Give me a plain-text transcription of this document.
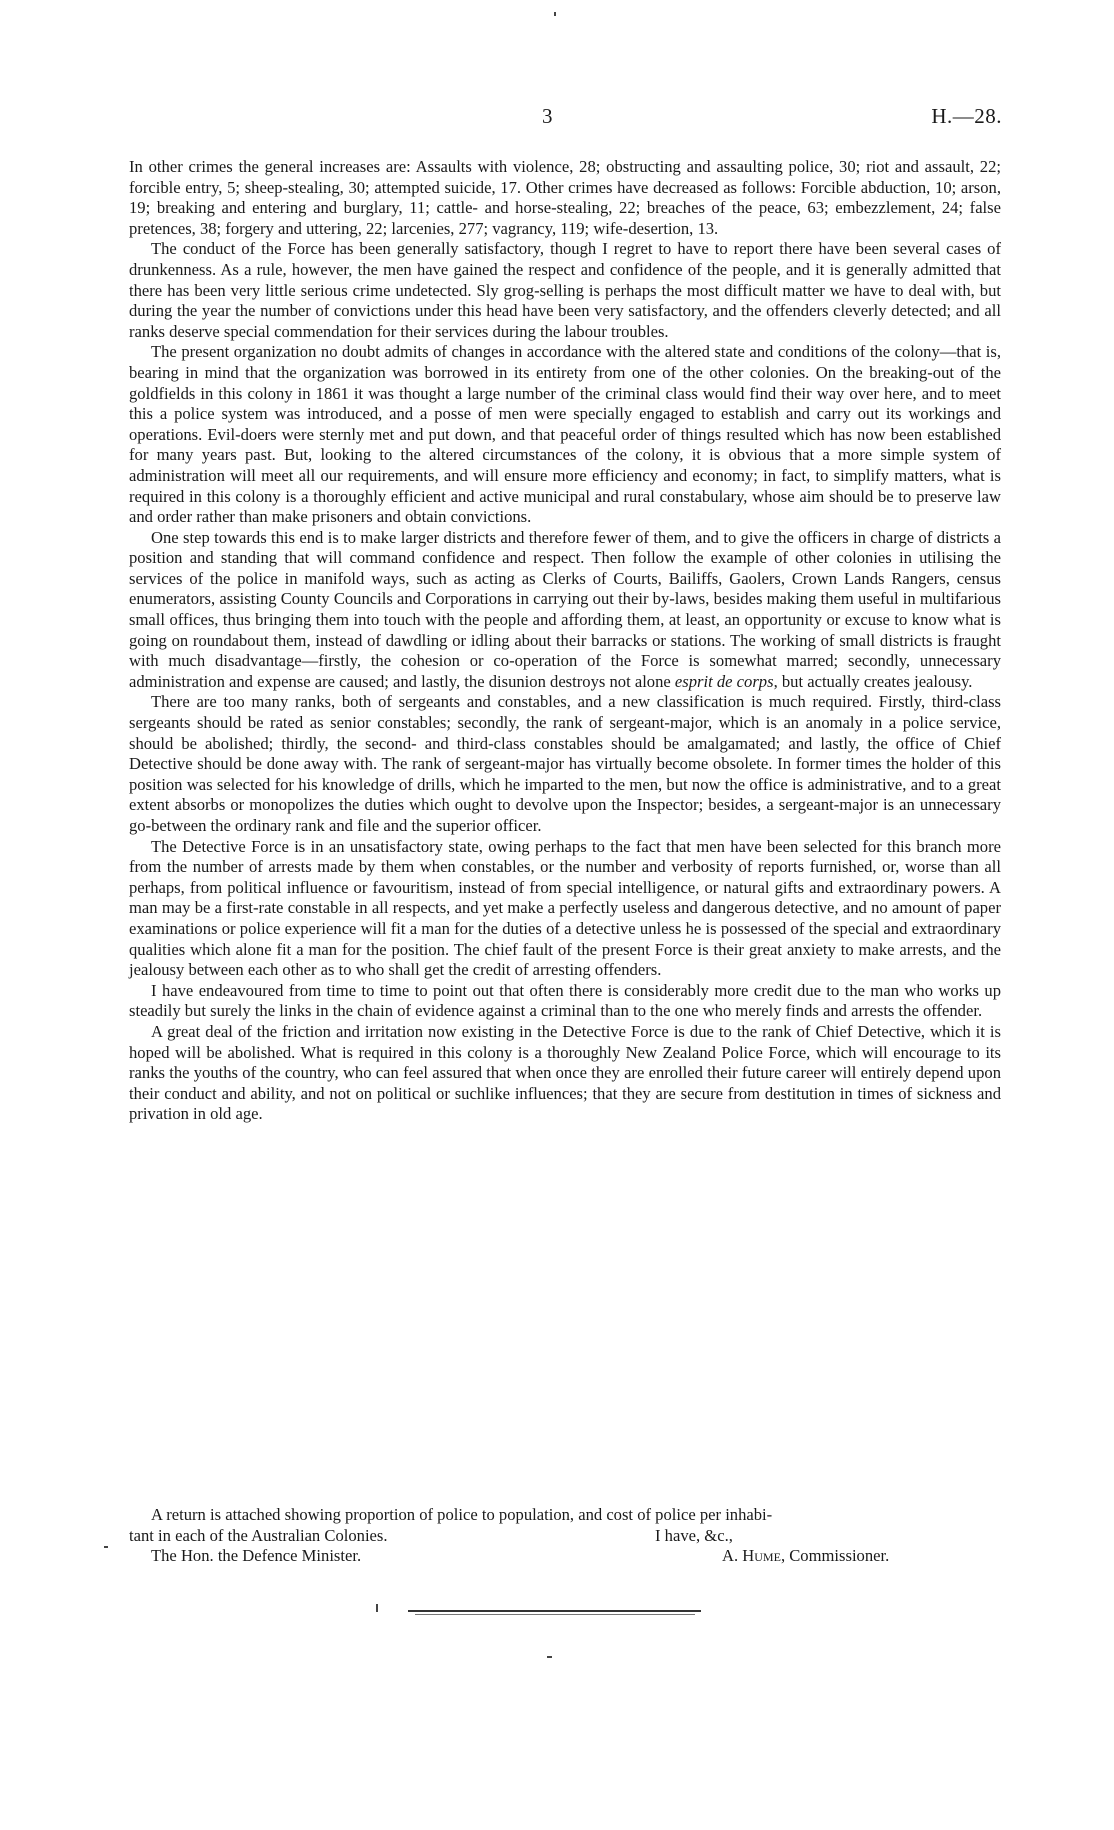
3	H.—28.

In other crimes the general increases are: Assaults with violence, 28; obstructing and assaulting police, 30; riot and assault, 22; forcible entry, 5; sheep-stealing, 30; attempted suicide, 17. Other crimes have decreased as follows: Forcible abduction, 10; arson, 19; breaking and entering and burglary, 11; cattle- and horse-stealing, 22; breaches of the peace, 63; embezzlement, 24; false pretences, 38; forgery and uttering, 22; larcenies, 277; vagrancy, 119; wife-desertion, 13.

The conduct of the Force has been generally satisfactory, though I regret to have to report there have been several cases of drunkenness. As a rule, however, the men have gained the respect and confidence of the people, and it is generally admitted that there has been very little serious crime undetected. Sly grog-selling is perhaps the most difficult matter we have to deal with, but during the year the number of convictions under this head have been very satisfactory, and the offenders cleverly detected; and all ranks deserve special commendation for their services during the labour troubles.

The present organization no doubt admits of changes in accordance with the altered state and conditions of the colony—that is, bearing in mind that the organization was borrowed in its entirety from one of the other colonies. On the breaking-out of the goldfields in this colony in 1861 it was thought a large number of the criminal class would find their way over here, and to meet this a police system was introduced, and a posse of men were specially engaged to establish and carry out its workings and operations. Evil-doers were sternly met and put down, and that peaceful order of things resulted which has now been established for many years past. But, looking to the altered circumstances of the colony, it is obvious that a more simple system of administration will meet all our requirements, and will ensure more efficiency and economy; in fact, to simplify matters, what is required in this colony is a thoroughly efficient and active municipal and rural constabulary, whose aim should be to preserve law and order rather than make prisoners and obtain convictions.

One step towards this end is to make larger districts and therefore fewer of them, and to give the officers in charge of districts a position and standing that will command confidence and respect. Then follow the example of other colonies in utilising the services of the police in manifold ways, such as acting as Clerks of Courts, Bailiffs, Gaolers, Crown Lands Rangers, census enumerators, assisting County Councils and Corporations in carrying out their by-laws, besides making them useful in multifarious small offices, thus bringing them into touch with the people and affording them, at least, an opportunity or excuse to know what is going on roundabout them, instead of dawdling or idling about their barracks or stations. The working of small districts is fraught with much disadvantage—firstly, the cohesion or co-operation of the Force is somewhat marred; secondly, unnecessary administration and expense are caused; and lastly, the disunion destroys not alone esprit de corps, but actually creates jealousy.

There are too many ranks, both of sergeants and constables, and a new classification is much required. Firstly, third-class sergeants should be rated as senior constables; secondly, the rank of sergeant-major, which is an anomaly in a police service, should be abolished; thirdly, the second- and third-class constables should be amalgamated; and lastly, the office of Chief Detective should be done away with. The rank of sergeant-major has virtually become obsolete. In former times the holder of this position was selected for his knowledge of drills, which he imparted to the men, but now the office is administrative, and to a great extent absorbs or monopolizes the duties which ought to devolve upon the Inspector; besides, a sergeant-major is an unnecessary go-between the ordinary rank and file and the superior officer.

The Detective Force is in an unsatisfactory state, owing perhaps to the fact that men have been selected for this branch more from the number of arrests made by them when constables, or the number and verbosity of reports furnished, or, worse than all perhaps, from political influence or favouritism, instead of from special intelligence, or natural gifts and extraordinary powers. A man may be a first-rate constable in all respects, and yet make a perfectly useless and dangerous detective, and no amount of paper examinations or police experience will fit a man for the duties of a detective unless he is possessed of the special and extraordinary qualities which alone fit a man for the position. The chief fault of the present Force is their great anxiety to make arrests, and the jealousy between each other as to who shall get the credit of arresting offenders.

I have endeavoured from time to time to point out that often there is considerably more credit due to the man who works up steadily but surely the links in the chain of evidence against a criminal than to the one who merely finds and arrests the offender.

A great deal of the friction and irritation now existing in the Detective Force is due to the rank of Chief Detective, which it is hoped will be abolished. What is required in this colony is a thoroughly New Zealand Police Force, which will encourage to its ranks the youths of the country, who can feel assured that when once they are enrolled their future career will entirely depend upon their conduct and ability, and not on political or suchlike influences; that they are secure from destitution in times of sickness and privation in old age.

A return is attached showing proportion of police to population, and cost of police per inhabi-
tant in each of the Australian Colonies.	I have, &c.,
The Hon. the Defence Minister.	A. Hume, Commissioner.
